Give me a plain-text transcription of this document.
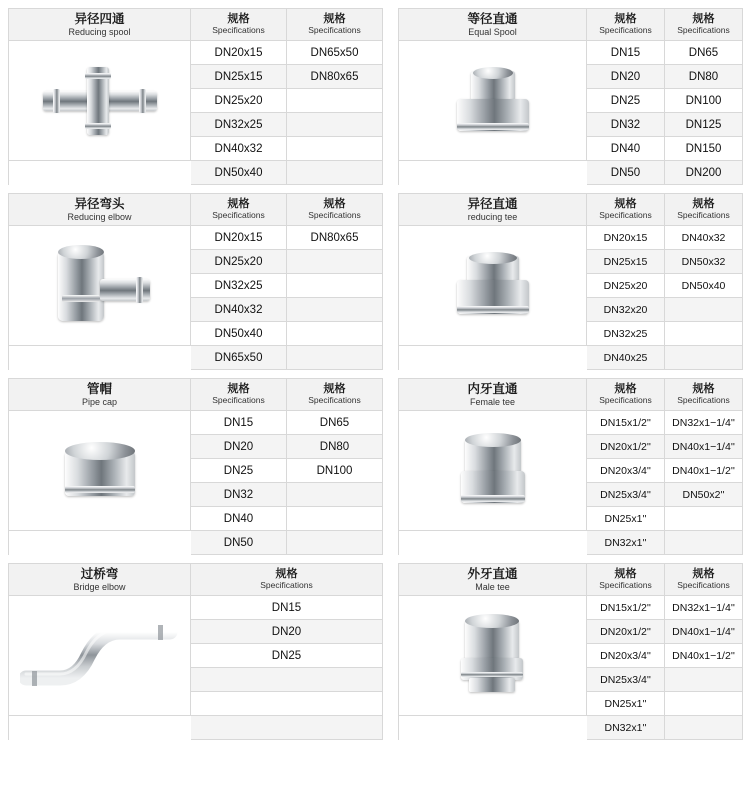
异径四通
Reducing spool
规格
Specifications
规格
Specifications
DN20x15	DN65x50
DN25x15	DN80x65
DN25x20
DN32x25
DN40x32
DN50x40
等径直通
Equal Spool
规格
Specifications
规格
Specifications
DN15	DN65
DN20	DN80
DN25	DN100
DN32	DN125
DN40	DN150
DN50	DN200
异径弯头
Reducing elbow
规格
Specifications
规格
Specifications
DN20x15	DN80x65
DN25x20
DN32x25
DN40x32
DN50x40
DN65x50
异径直通
reducing tee
规格
Specifications
规格
Specifications
DN20x15	DN40x32
DN25x15	DN50x32
DN25x20	DN50x40
DN32x20
DN32x25
DN40x25
管帽
Pipe cap
规格
Specifications
规格
Specifications
DN15	DN65
DN20	DN80
DN25	DN100
DN32
DN40
DN50
内牙直通
Female tee
规格
Specifications
规格
Specifications
DN15x1/2''	DN32x1−1/4''
DN20x1/2''	DN40x1−1/4''
DN20x3/4''	DN40x1−1/2''
DN25x3/4''	DN50x2''
DN25x1''
DN32x1''
过桥弯
Bridge elbow
规格
Specifications
DN15
DN20
DN25
外牙直通
Male tee
规格
Specifications
规格
Specifications
DN15x1/2''	DN32x1−1/4''
DN20x1/2''	DN40x1−1/4''
DN20x3/4''	DN40x1−1/2''
DN25x3/4''
DN25x1''
DN32x1''
